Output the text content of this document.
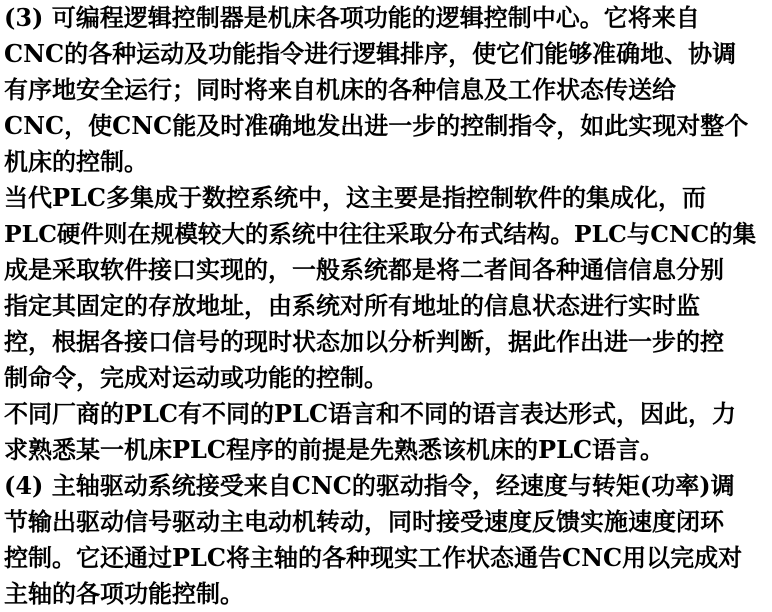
(3) 可编程逻辑控制器是机床各项功能的逻辑控制中心。它将来自
CNC的各种运动及功能指令进行逻辑排序，使它们能够准确地、协调
有序地安全运行；同时将来自机床的各种信息及工作状态传送给
CNC，使CNC能及时准确地发出进一步的控制指令，如此实现对整个
机床的控制。
当代PLC多集成于数控系统中，这主要是指控制软件的集成化，而
PLC硬件则在规模较大的系统中往往采取分布式结构。PLC与CNC的集
成是采取软件接口实现的，一般系统都是将二者间各种通信信息分别
指定其固定的存放地址，由系统对所有地址的信息状态进行实时监
控，根据各接口信号的现时状态加以分析判断，据此作出进一步的控
制命令，完成对运动或功能的控制。
不同厂商的PLC有不同的PLC语言和不同的语言表达形式，因此，力
求熟悉某一机床PLC程序的前提是先熟悉该机床的PLC语言。
(4) 主轴驱动系统接受来自CNC的驱动指令，经速度与转矩(功率)调
节输出驱动信号驱动主电动机转动，同时接受速度反馈实施速度闭环
控制。它还通过PLC将主轴的各种现实工作状态通告CNC用以完成对
主轴的各项功能控制。
